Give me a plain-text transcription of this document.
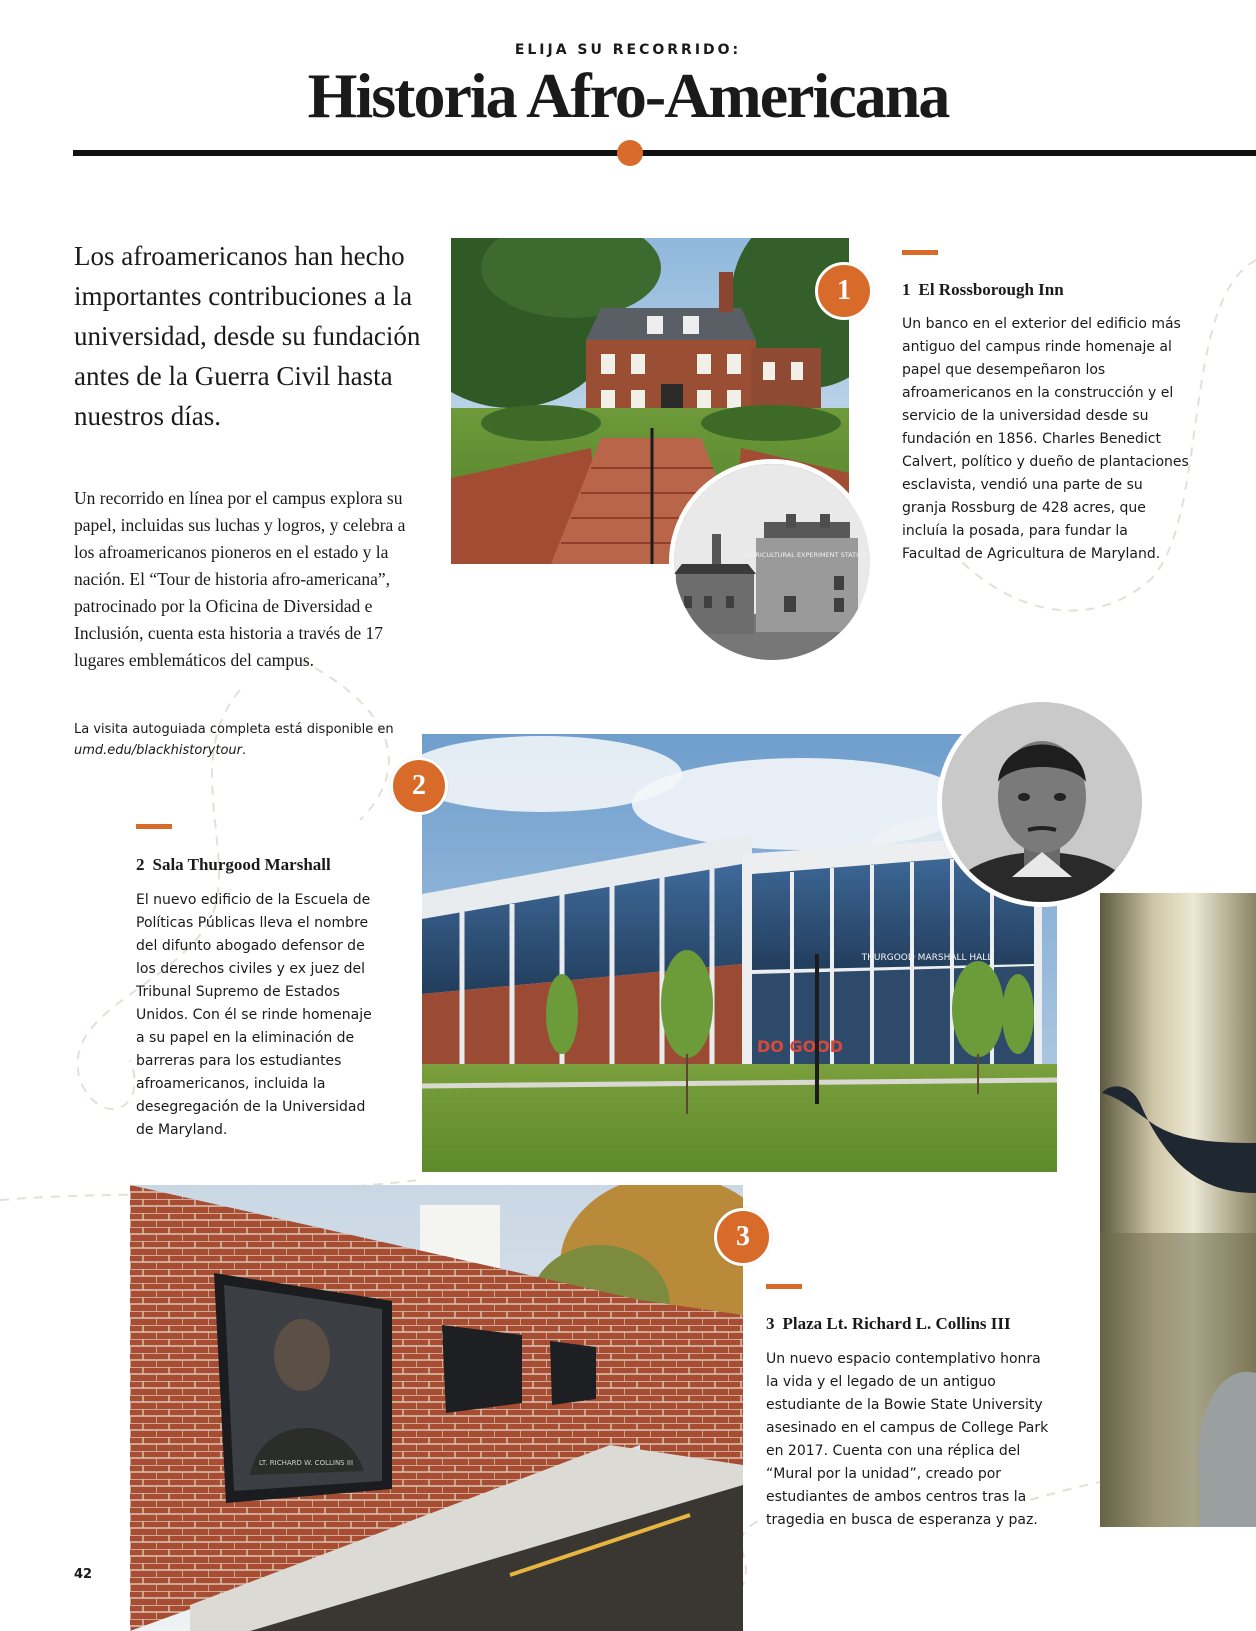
ELIJA SU RECORRIDO:
Historia Afro-Americana
Los afroamericanos han hecho importantes contribuciones a la universidad, desde su fundación antes de la Guerra Civil hasta nuestros días.
Un recorrido en línea por el campus explora su papel, incluidas sus luchas y logros, y celebra a los afroamericanos pioneros en el estado y la nación. El “Tour de historia afro-americana”, patrocinado por la Oficina de Diversidad e Inclusión, cuenta esta historia a través de 17 lugares emblemáticos del campus.
La visita autoguiada completa está disponible en umd.edu/blackhistorytour.
AGRICULTURAL EXPERIMENT STATION
1	1 El Rossborough Inn
Un banco en el exterior del edificio más antiguo del campus rinde homenaje al papel que desempeñaron los afroamericanos en la construcción y el servicio de la universidad desde su fundación en 1856. Charles Benedict Calvert, político y dueño de plantaciones esclavista, vendió una parte de su granja Rossburg de 428 acres, que incluía la posada, para fundar la Facultad de Agricultura de Maryland.
THURGOOD MARSHALL HALL
DO GOOD
2
2 Sala Thurgood Marshall
El nuevo edificio de la Escuela de Políticas Públicas lleva el nombre del difunto abogado defensor de los derechos civiles y ex juez del Tribunal Supremo de Estados Unidos. Con él se rinde homenaje a su papel en la eliminación de barreras para los estudiantes afroamericanos, incluida la desegregación de la Universidad de Maryland.
LT. RICHARD W. COLLINS III
3
3 Plaza Lt. Richard L. Collins III
Un nuevo espacio contemplativo honra la vida y el legado de un antiguo estudiante de la Bowie State University asesinado en el campus de College Park en 2017. Cuenta con una réplica del “Mural por la unidad”, creado por estudiantes de ambos centros tras la tragedia en busca de esperanza y paz.
42
